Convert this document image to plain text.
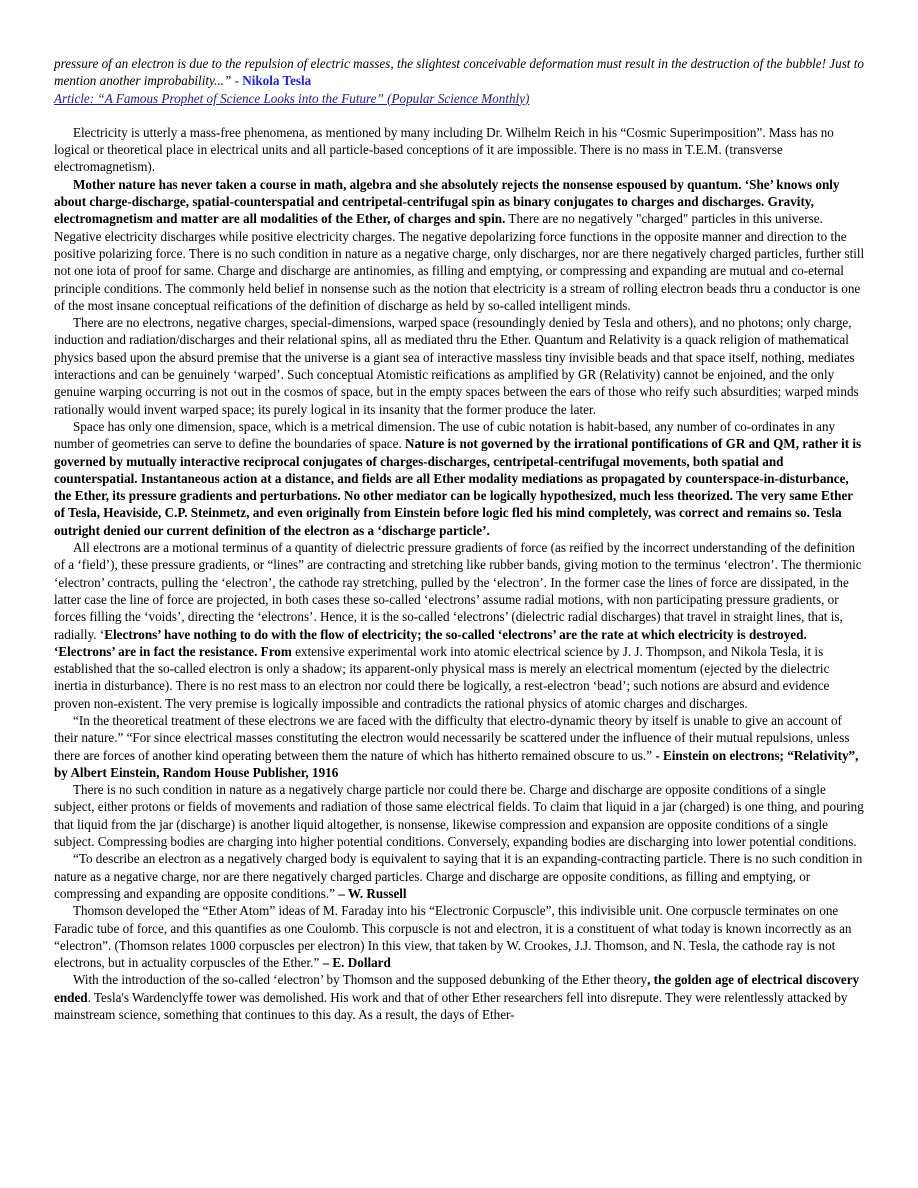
pressure of an electron is due to the repulsion of electric masses, the slightest conceivable deformation must result in the destruction of the bubble! Just to mention another improbability...” - Nikola Tesla
Article: “A Famous Prophet of Science Looks into the Future” (Popular Science Monthly)

Electricity is utterly a mass-free phenomena, as mentioned by many including Dr. Wilhelm Reich in his “Cosmic Superimposition”. Mass has no logical or theoretical place in electrical units and all particle-based conceptions of it are impossible. There is no mass in T.E.M. (transverse electromagnetism).

Mother nature has never taken a course in math, algebra and she absolutely rejects the nonsense espoused by quantum. ‘She’ knows only about charge-discharge, spatial-counterspatial and centripetal-centrifugal spin as binary conjugates to charges and discharges. Gravity, electromagnetism and matter are all modalities of the Ether, of charges and spin. There are no negatively "charged" particles in this universe. Negative electricity discharges while positive electricity charges. The negative depolarizing force functions in the opposite manner and direction to the positive polarizing force. There is no such condition in nature as a negative charge, only discharges, nor are there negatively charged particles, further still not one iota of proof for same. Charge and discharge are antinomies, as filling and emptying, or compressing and expanding are mutual and co-eternal principle conditions. The commonly held belief in nonsense such as the notion that electricity is a stream of rolling electron beads thru a conductor is one of the most insane conceptual reifications of the definition of discharge as held by so-called intelligent minds.

There are no electrons, negative charges, special-dimensions, warped space (resoundingly denied by Tesla and others), and no photons; only charge, induction and radiation/discharges and their relational spins, all as mediated thru the Ether. Quantum and Relativity is a quack religion of mathematical physics based upon the absurd premise that the universe is a giant sea of interactive massless tiny invisible beads and that space itself, nothing, mediates interactions and can be genuinely ‘warped’. Such conceptual Atomistic reifications as amplified by GR (Relativity) cannot be enjoined, and the only genuine warping occurring is not out in the cosmos of space, but in the empty spaces between the ears of those who reify such absurdities; warped minds rationally would invent warped space; its purely logical in its insanity that the former produce the later.

Space has only one dimension, space, which is a metrical dimension. The use of cubic notation is habit-based, any number of co-ordinates in any number of geometries can serve to define the boundaries of space. Nature is not governed by the irrational pontifications of GR and QM, rather it is governed by mutually interactive reciprocal conjugates of charges-discharges, centripetal-centrifugal movements, both spatial and counterspatial. Instantaneous action at a distance, and fields are all Ether modality mediations as propagated by counterspace-in-disturbance, the Ether, its pressure gradients and perturbations. No other mediator can be logically hypothesized, much less theorized. The very same Ether of Tesla, Heaviside, C.P. Steinmetz, and even originally from Einstein before logic fled his mind completely, was correct and remains so. Tesla outright denied our current definition of the electron as a ‘discharge particle’.

All electrons are a motional terminus of a quantity of dielectric pressure gradients of force (as reified by the incorrect understanding of the definition of a ‘field’), these pressure gradients, or “lines” are contracting and stretching like rubber bands, giving motion to the terminus ‘electron’. The thermionic ‘electron’ contracts, pulling the ‘electron’, the cathode ray stretching, pulled by the ‘electron’. In the former case the lines of force are dissipated, in the latter case the line of force are projected, in both cases these so-called ‘electrons’ assume radial motions, with non participating pressure gradients, or forces filling the ‘voids’, directing the ‘electrons’. Hence, it is the so-called ‘electrons’ (dielectric radial discharges) that travel in straight lines, that is, radially. ‘Electrons’ have nothing to do with the flow of electricity; the so-called ‘electrons’ are the rate at which electricity is destroyed. ‘Electrons’ are in fact the resistance. From extensive experimental work into atomic electrical science by J. J. Thompson, and Nikola Tesla, it is established that the so-called electron is only a shadow; its apparent-only physical mass is merely an electrical momentum (ejected by the dielectric inertia in disturbance). There is no rest mass to an electron nor could there be logically, a rest-electron ‘bead’; such notions are absurd and evidence proven non-existent. The very premise is logically impossible and contradicts the rational physics of atomic charges and discharges.

“In the theoretical treatment of these electrons we are faced with the difficulty that electro-dynamic theory by itself is unable to give an account of their nature.” “For since electrical masses constituting the electron would necessarily be scattered under the influence of their mutual repulsions, unless there are forces of another kind operating between them the nature of which has hitherto remained obscure to us.” - Einstein on electrons; “Relativity”, by Albert Einstein, Random House Publisher, 1916

There is no such condition in nature as a negatively charge particle nor could there be. Charge and discharge are opposite conditions of a single subject, either protons or fields of movements and radiation of those same electrical fields. To claim that liquid in a jar (charged) is one thing, and pouring that liquid from the jar (discharge) is another liquid altogether, is nonsense, likewise compression and expansion are opposite conditions of a single subject. Compressing bodies are charging into higher potential conditions. Conversely, expanding bodies are discharging into lower potential conditions.

“To describe an electron as a negatively charged body is equivalent to saying that it is an expanding-contracting particle. There is no such condition in nature as a negative charge, nor are there negatively charged particles. Charge and discharge are opposite conditions, as filling and emptying, or compressing and expanding are opposite conditions.” – W. Russell

Thomson developed the “Ether Atom” ideas of M. Faraday into his “Electronic Corpuscle”, this indivisible unit. One corpuscle terminates on one Faradic tube of force, and this quantifies as one Coulomb. This corpuscle is not and electron, it is a constituent of what today is known incorrectly as an “electron”. (Thomson relates 1000 corpuscles per electron) In this view, that taken by W. Crookes, J.J. Thomson, and N. Tesla, the cathode ray is not electrons, but in actuality corpuscles of the Ether.” – E. Dollard

With the introduction of the so-called ‘electron’ by Thomson and the supposed debunking of the Ether theory, the golden age of electrical discovery ended. Tesla's Wardenclyffe tower was demolished. His work and that of other Ether researchers fell into disrepute. They were relentlessly attacked by mainstream science, something that continues to this day. As a result, the days of Ether-
